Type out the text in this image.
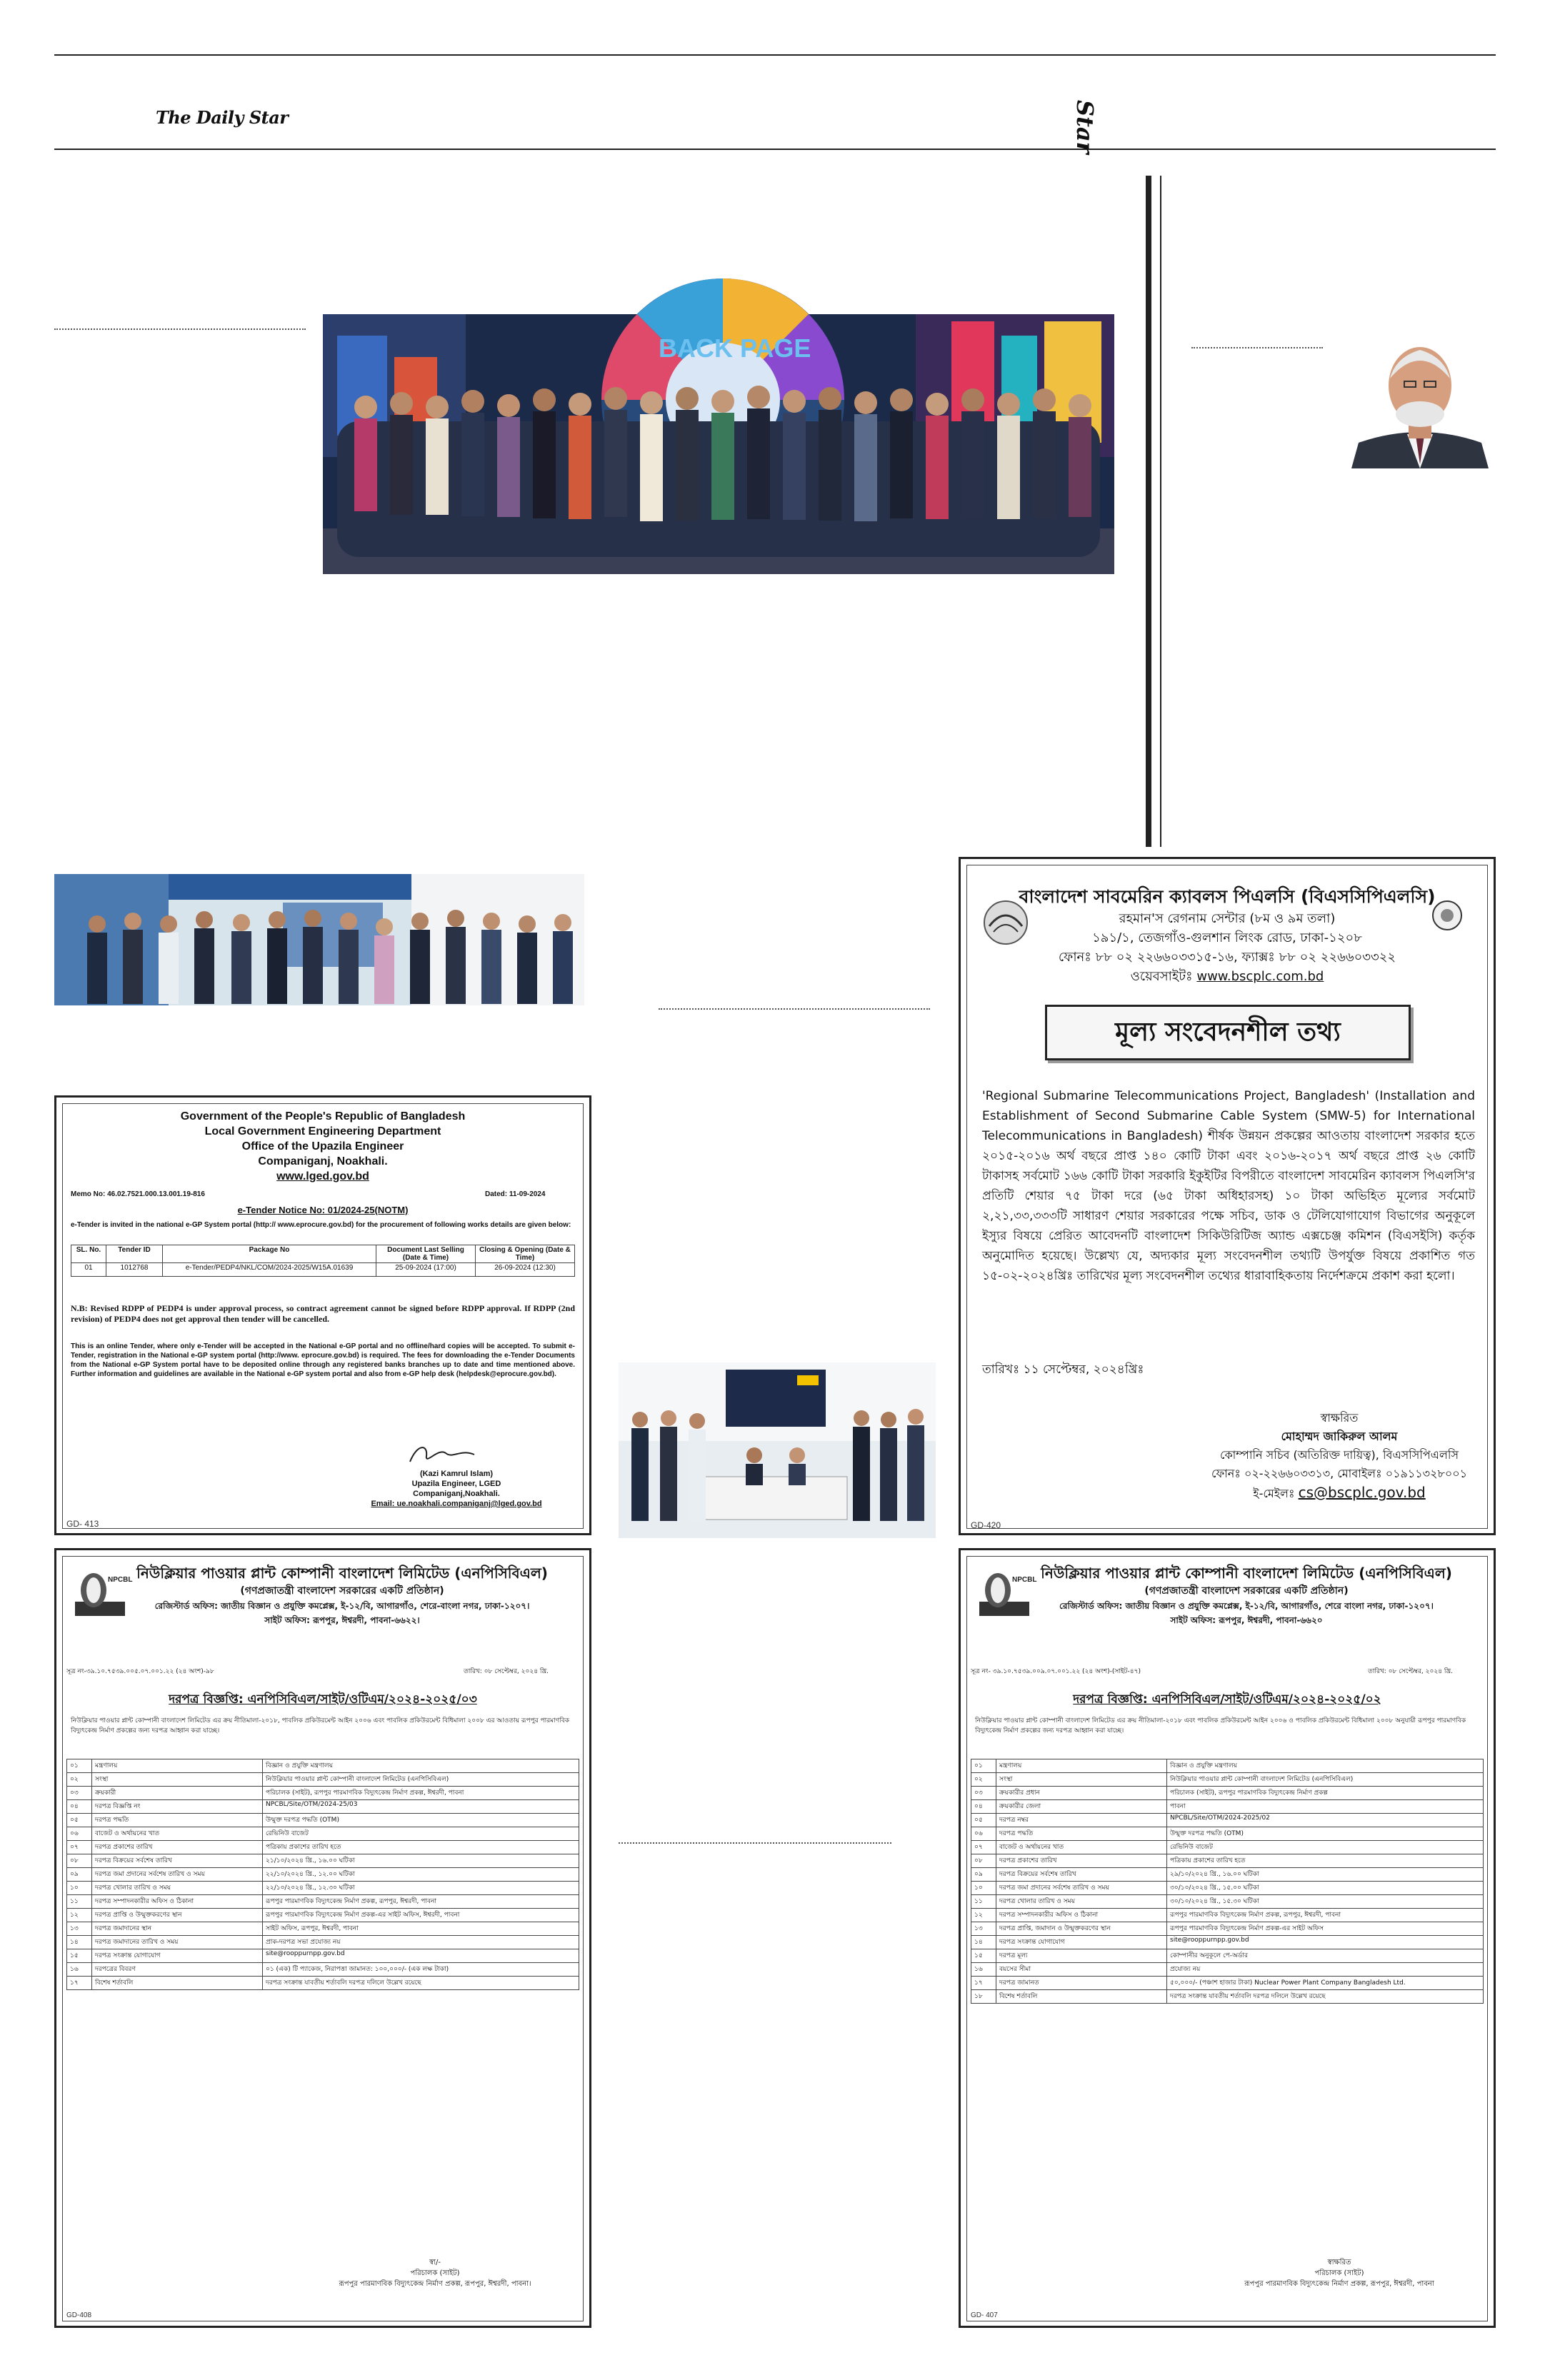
The Daily Star	Star
BACK PAGE
Government of the People's Republic of Bangladesh
Local Government Engineering Department
Office of the Upazila Engineer
Companiganj, Noakhali.
www.lged.gov.bd
Memo No: 46.02.7521.000.13.001.19-816	Dated: 11-09-2024
e-Tender Notice No: 01/2024-25(NOTM)
e-Tender is invited in the national e-GP System portal (http:// www.eprocure.gov.bd) for the procurement of following works details are given below:
SL. No.	Tender ID	Package No	Document Last Selling (Date & Time)	Closing & Opening (Date & Time)
01	1012768	e-Tender/PEDP4/NKL/COM/2024-2025/W15A.01639	25-09-2024 (17:00)	26-09-2024 (12:30)
N.B: Revised RDPP of PEDP4 is under approval process, so contract agreement cannot be signed before RDPP approval. If RDPP (2nd revision) of PEDP4 does not get approval then tender will be cancelled.
This is an online Tender, where only e-Tender will be accepted in the National e-GP portal and no offline/hard copies will be accepted. To submit e-Tender, registration in the National e-GP system portal (http://www. eprocure.gov.bd) is required. The fees for downloading the e-Tender Documents from the National e-GP System portal have to be deposited online through any registered banks branches up to date and time mentioned above. Further information and guidelines are available in the National e-GP system portal and also from e-GP help desk (helpdesk@eprocure.gov.bd).
(Kazi Kamrul Islam)
Upazila Engineer, LGED
Companiganj,Noakhali.
Email: ue.noakhali.companiganj@lged.gov.bd
GD- 413
বাংলাদেশ সাবমেরিন ক্যাবলস পিএলসি (বিএসসিপিএলসি)
রহমান'স রেগনাম সেন্টার (৮ম ও ৯ম তলা)
১৯১/১, তেজগাঁও-গুলশান লিংক রোড, ঢাকা-১২০৮
ফোনঃ ৮৮ ০২ ২২৬৬০৩৩১৫-১৬, ফ্যাক্সঃ ৮৮ ০২ ২২৬৬০৩৩২২
ওয়েবসাইটঃ www.bscplc.com.bd
মূল্য সংবেদনশীল তথ্য
'Regional Submarine Telecommunications Project, Bangladesh' (Installation and Establishment of Second Submarine Cable System (SMW-5) for International Telecommunications in Bangladesh) শীর্ষক উন্নয়ন প্রকল্পের আওতায় বাংলাদেশ সরকার হতে ২০১৫-২০১৬ অর্থ বছরে প্রাপ্ত ১৪০ কোটি টাকা এবং ২০১৬-২০১৭ অর্থ বছরে প্রাপ্ত ২৬ কোটি টাকাসহ সর্বমোট ১৬৬ কোটি টাকা সরকারি ইকুইটির বিপরীতে বাংলাদেশ সাবমেরিন ক্যাবলস পিএলসি'র প্রতিটি শেয়ার ৭৫ টাকা দরে (৬৫ টাকা অধিহারসহ) ১০ টাকা অভিহিত মূল্যের সর্বমোট ২,২১,৩৩,৩৩৩টি সাধারণ শেয়ার সরকারের পক্ষে সচিব, ডাক ও টেলিযোগাযোগ বিভাগের অনুকূলে ইস্যুর বিষয়ে প্রেরিত আবেদনটি বাংলাদেশ সিকিউরিটিজ অ্যান্ড এক্সচেঞ্জ কমিশন (বিএসইসি) কর্তৃক অনুমোদিত হয়েছে। উল্লেখ্য যে, অদ্যকার মূল্য সংবেদনশীল তথ্যটি উপর্যুক্ত বিষয়ে প্রকাশিত গত ১৫-০২-২০২৪খ্রিঃ তারিখের মূল্য সংবেদনশীল তথ্যের ধারাবাহিকতায় নির্দেশক্রমে প্রকাশ করা হলো।
তারিখঃ ১১ সেপ্টেম্বর, ২০২৪খ্রিঃ
স্বাক্ষরিত
মোহাম্মদ জাকিরুল আলম
কোম্পানি সচিব (অতিরিক্ত দায়িত্ব), বিএসসিপিএলসি
ফোনঃ ০২-২২৬৬০৩৩১৩, মোবাইলঃ ০১৯১১৩২৮০০১
ই-মেইলঃ cs@bscplc.gov.bd
GD-420
NPCBL নিউক্লিয়ার পাওয়ার প্লান্ট কোম্পানী বাংলাদেশ লিমিটেড (এনপিসিবিএল)
(গণপ্রজাতন্ত্রী বাংলাদেশ সরকারের একটি প্রতিষ্ঠান)
রেজিস্টার্ড অফিস: জাতীয় বিজ্ঞান ও প্রযুক্তি কমপ্লেক্স, ই-১২/বি, আগারগাঁও, শেরে-বাংলা নগর, ঢাকা-১২০৭।
সাইট অফিস: রূপপুর, ঈশ্বরদী, পাবনা-৬৬২২।
সূত্র নং-৩৯.১০.৭৫৩৯.০০৫.০৭.০০১.২২ (২৪ অংশ)-৯৮	তারিখ: ০৮ সেপ্টেম্বর, ২০২৪ খ্রি.
দরপত্র বিজ্ঞপ্তি: এনপিসিবিএল/সাইট/ওটিএম/২০২৪-২০২৫/০৩
নিউক্লিয়ার পাওয়ার প্লান্ট কোম্পানী বাংলাদেশ লিমিটেড এর ক্রয় নীতিমালা-২০১৮, পাবলিক প্রকিউরমেন্ট আইন ২০০৬ এবং পাবলিক প্রকিউরমেন্ট বিধিমালা ২০০৮ এর আওতায় রূপপুর পারমাণবিক বিদ্যুৎকেন্দ্র নির্মাণ প্রকল্পের জন্য দরপত্র আহ্বান করা যাচ্ছে।
০১	মন্ত্রণালয়	বিজ্ঞান ও প্রযুক্তি মন্ত্রণালয়
০২	সংস্থা	নিউক্লিয়ার পাওয়ার প্লান্ট কোম্পানী বাংলাদেশ লিমিটেড (এনপিসিবিএল)
০৩	ক্রয়কারী	পরিচালক (সাইট), রূপপুর পারমাণবিক বিদ্যুৎকেন্দ্র নির্মাণ প্রকল্প, ঈশ্বরদী, পাবনা
০৪	দরপত্র বিজ্ঞপ্তি নং	NPCBL/Site/OTM/2024-25/03
০৫	দরপত্র পদ্ধতি	উন্মুক্ত দরপত্র পদ্ধতি (OTM)
০৬	বাজেট ও অর্থায়নের খাত	রেভিনিউ বাজেট
০৭	দরপত্র প্রকাশের তারিখ	পত্রিকায় প্রকাশের তারিখ হতে
০৮	দরপত্র বিক্রয়ের সর্বশেষ তারিখ	২১/১০/২০২৪ খ্রি., ১৬.০০ ঘটিকা
০৯	দরপত্র জমা প্রদানের সর্বশেষ তারিখ ও সময়	২২/১০/২০২৪ খ্রি., ১২.০০ ঘটিকা
১০	দরপত্র খোলার তারিখ ও সময়	২২/১০/২০২৪ খ্রি., ১২.৩০ ঘটিকা
১১	দরপত্র সম্পাদনকারীর অফিস ও ঠিকানা	রূপপুর পারমাণবিক বিদ্যুৎকেন্দ্র নির্মাণ প্রকল্প, রূপপুর, ঈশ্বরদী, পাবনা
১২	দরপত্র প্রাপ্তি ও উন্মুক্তকরণের স্থান	রূপপুর পারমাণবিক বিদ্যুৎকেন্দ্র নির্মাণ প্রকল্প-এর সাইট অফিস, ঈশ্বরদী, পাবনা
১৩	দরপত্র জমাদানের স্থান	সাইট অফিস, রূপপুর, ঈশ্বরদী, পাবনা
১৪	দরপত্র জমাদানের তারিখ ও সময়	প্রাক-দরপত্র সভা প্রযোজ্য নয়
১৫	দরপত্র সংক্রান্ত যোগাযোগ	site@rooppurnpp.gov.bd
১৬	দরপত্রের বিবরণ	০১ (এক) টি প্যাকেজ, নিরাপত্তা জামানত: ১০০,০০০/- (এক লক্ষ টাকা)
১৭	বিশেষ শর্তাবলি	দরপত্র সংক্রান্ত যাবতীয় শর্তাবলি দরপত্র দলিলে উল্লেখ রয়েছে
স্বা/-
পরিচালক (সাইট)
রূপপুর পারমাণবিক বিদ্যুৎকেন্দ্র নির্মাণ প্রকল্প, রূপপুর, ঈশ্বরদী, পাবনা।
GD-408
NPCBL নিউক্লিয়ার পাওয়ার প্লান্ট কোম্পানী বাংলাদেশ লিমিটেড (এনপিসিবিএল)
(গণপ্রজাতন্ত্রী বাংলাদেশ সরকারের একটি প্রতিষ্ঠান)
রেজিস্টার্ড অফিস: জাতীয় বিজ্ঞান ও প্রযুক্তি কমপ্লেক্স, ই-১২/বি, আগারগাঁও, শেরে বাংলা নগর, ঢাকা-১২০৭।
সাইট অফিস: রূপপুর, ঈশ্বরদী, পাবনা-৬৬২০
সূত্র নং- ৩৯.১০.৭৫৩৯.০০৯.০৭.০০১.২২ (২৪ অংশ)-(সাইট-৪৭)	তারিখ: ০৮ সেপ্টেম্বর, ২০২৪ খ্রি.
দরপত্র বিজ্ঞপ্তি: এনপিসিবিএল/সাইট/ওটিএম/২০২৪-২০২৫/০২
নিউক্লিয়ার পাওয়ার প্লান্ট কোম্পানী বাংলাদেশ লিমিটেড এর ক্রয় নীতিমালা-২০১৮ এবং পাবলিক প্রকিউরমেন্ট আইন ২০০৬ ও পাবলিক প্রকিউরমেন্ট বিধিমালা ২০০৮ অনুযায়ী রূপপুর পারমাণবিক বিদ্যুৎকেন্দ্র নির্মাণ প্রকল্পের জন্য দরপত্র আহ্বান করা যাচ্ছে।
০১	মন্ত্রণালয়	বিজ্ঞান ও প্রযুক্তি মন্ত্রণালয়
০২	সংস্থা	নিউক্লিয়ার পাওয়ার প্লান্ট কোম্পানী বাংলাদেশ লিমিটেড (এনপিসিবিএল)
০৩	ক্রয়কারীর প্রধান	পরিচালক (সাইট), রূপপুর পারমাণবিক বিদ্যুৎকেন্দ্র নির্মাণ প্রকল্প
০৪	ক্রয়কারীর জেলা	পাবনা
০৫	দরপত্র নম্বর	NPCBL/Site/OTM/2024-2025/02
০৬	দরপত্র পদ্ধতি	উন্মুক্ত দরপত্র পদ্ধতি (OTM)
০৭	বাজেট ও অর্থায়নের খাত	রেভিনিউ বাজেট
০৮	দরপত্র প্রকাশের তারিখ	পত্রিকায় প্রকাশের তারিখ হতে
০৯	দরপত্র বিক্রয়ের সর্বশেষ তারিখ	২৯/১০/২০২৪ খ্রি., ১৬.০০ ঘটিকা
১০	দরপত্র জমা প্রদানের সর্বশেষ তারিখ ও সময়	৩০/১০/২০২৪ খ্রি., ১৫.০০ ঘটিকা
১১	দরপত্র খোলার তারিখ ও সময়	৩০/১০/২০২৪ খ্রি., ১৫.৩০ ঘটিকা
১২	দরপত্র সম্পাদনকারীর অফিস ও ঠিকানা	রূপপুর পারমাণবিক বিদ্যুৎকেন্দ্র নির্মাণ প্রকল্প, রূপপুর, ঈশ্বরদী, পাবনা
১৩	দরপত্র প্রাপ্তি, জমাদান ও উন্মুক্তকরণের স্থান	রূপপুর পারমাণবিক বিদ্যুৎকেন্দ্র নির্মাণ প্রকল্প-এর সাইট অফিস
১৪	দরপত্র সংক্রান্ত যোগাযোগ	site@rooppurnpp.gov.bd
১৫	দরপত্র মূল্য	কোম্পানীর অনুকূলে পে-অর্ডার
১৬	বয়সের সীমা	প্রযোজ্য নয়
১৭	দরপত্র জামানত	৫০,০০০/- (পঞ্চাশ হাজার টাকা) Nuclear Power Plant Company Bangladesh Ltd.
১৮	বিশেষ শর্তাবলি	দরপত্র সংক্রান্ত যাবতীয় শর্তাবলি দরপত্র দলিলে উল্লেখ রয়েছে
স্বাক্ষরিত
পরিচালক (সাইট)
রূপপুর পারমাণবিক বিদ্যুৎকেন্দ্র নির্মাণ প্রকল্প, রূপপুর, ঈশ্বরদী, পাবনা
GD- 407
